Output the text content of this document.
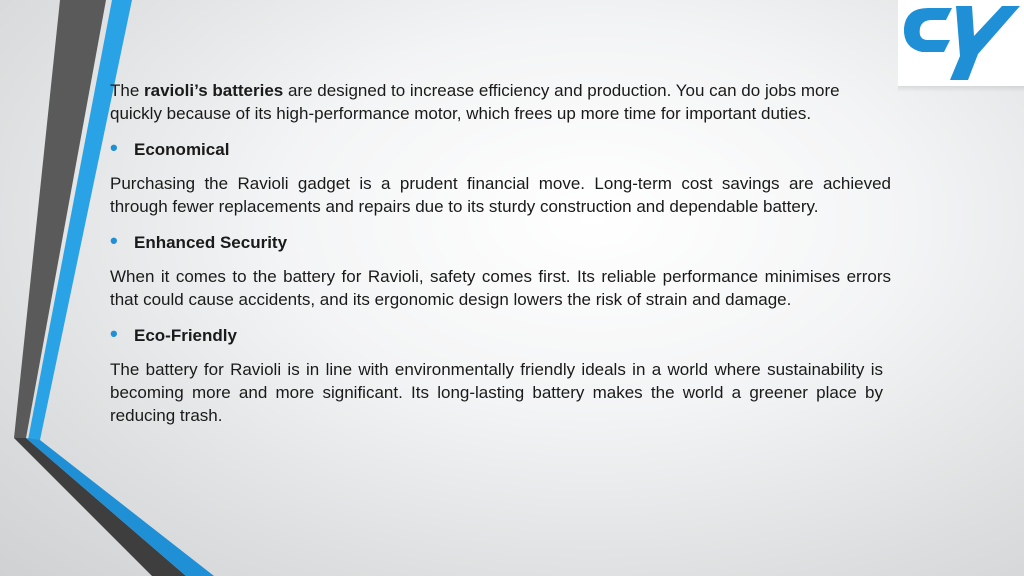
The ravioli’s batteries are designed to increase efficiency and production. You can do jobs more quickly because of its high-performance motor, which frees up more time for important duties.

• Economical

Purchasing the Ravioli gadget is a prudent financial move. Long-term cost savings are achieved through fewer replacements and repairs due to its sturdy construction and dependable battery.

• Enhanced Security

When it comes to the battery for Ravioli, safety comes first. Its reliable performance minimises errors that could cause accidents, and its ergonomic design lowers the risk of strain and damage.

• Eco-Friendly

The battery for Ravioli is in line with environmentally friendly ideals in a world where sustainability is becoming more and more significant. Its long-lasting battery makes the world a greener place by reducing trash.
